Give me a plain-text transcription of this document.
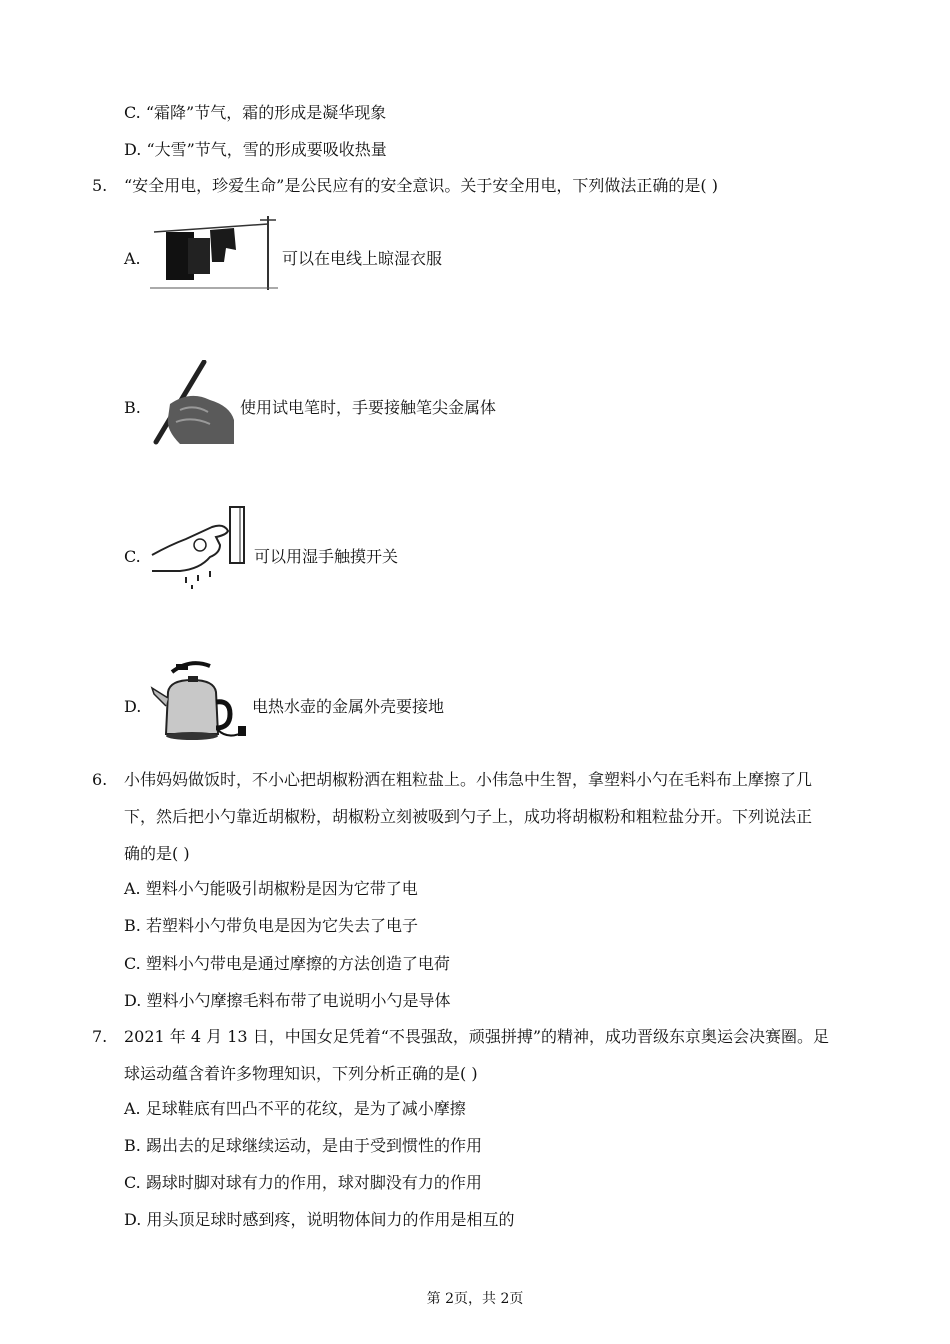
C. “霜降”节气，霜的形成是凝华现象
D. “大雪”节气，雪的形成要吸收热量
5. “安全用电，珍爱生命”是公民应有的安全意识。关于安全用电，下列做法正确的是( )
A.	可以在电线上晾湿衣服
B.	使用试电笔时，手要接触笔尖金属体
C.	可以用湿手触摸开关
D.	电热水壶的金属外壳要接地
6. 小伟妈妈做饭时，不小心把胡椒粉洒在粗粒盐上。小伟急中生智，拿塑料小勺在毛料布上摩擦了几
下，然后把小勺靠近胡椒粉，胡椒粉立刻被吸到勺子上，成功将胡椒粉和粗粒盐分开。下列说法正
确的是( )
A. 塑料小勺能吸引胡椒粉是因为它带了电
B. 若塑料小勺带负电是因为它失去了电子
C. 塑料小勺带电是通过摩擦的方法创造了电荷
D. 塑料小勺摩擦毛料布带了电说明小勺是导体
7. 2021 年 4 月 13 日，中国女足凭着“不畏强敌，顽强拼搏”的精神，成功晋级东京奥运会决赛圈。足
球运动蕴含着许多物理知识，下列分析正确的是( )
A. 足球鞋底有凹凸不平的花纹，是为了减小摩擦
B. 踢出去的足球继续运动，是由于受到惯性的作用
C. 踢球时脚对球有力的作用，球对脚没有力的作用
D. 用头顶足球时感到疼，说明物体间力的作用是相互的
第 2页，共 2页
